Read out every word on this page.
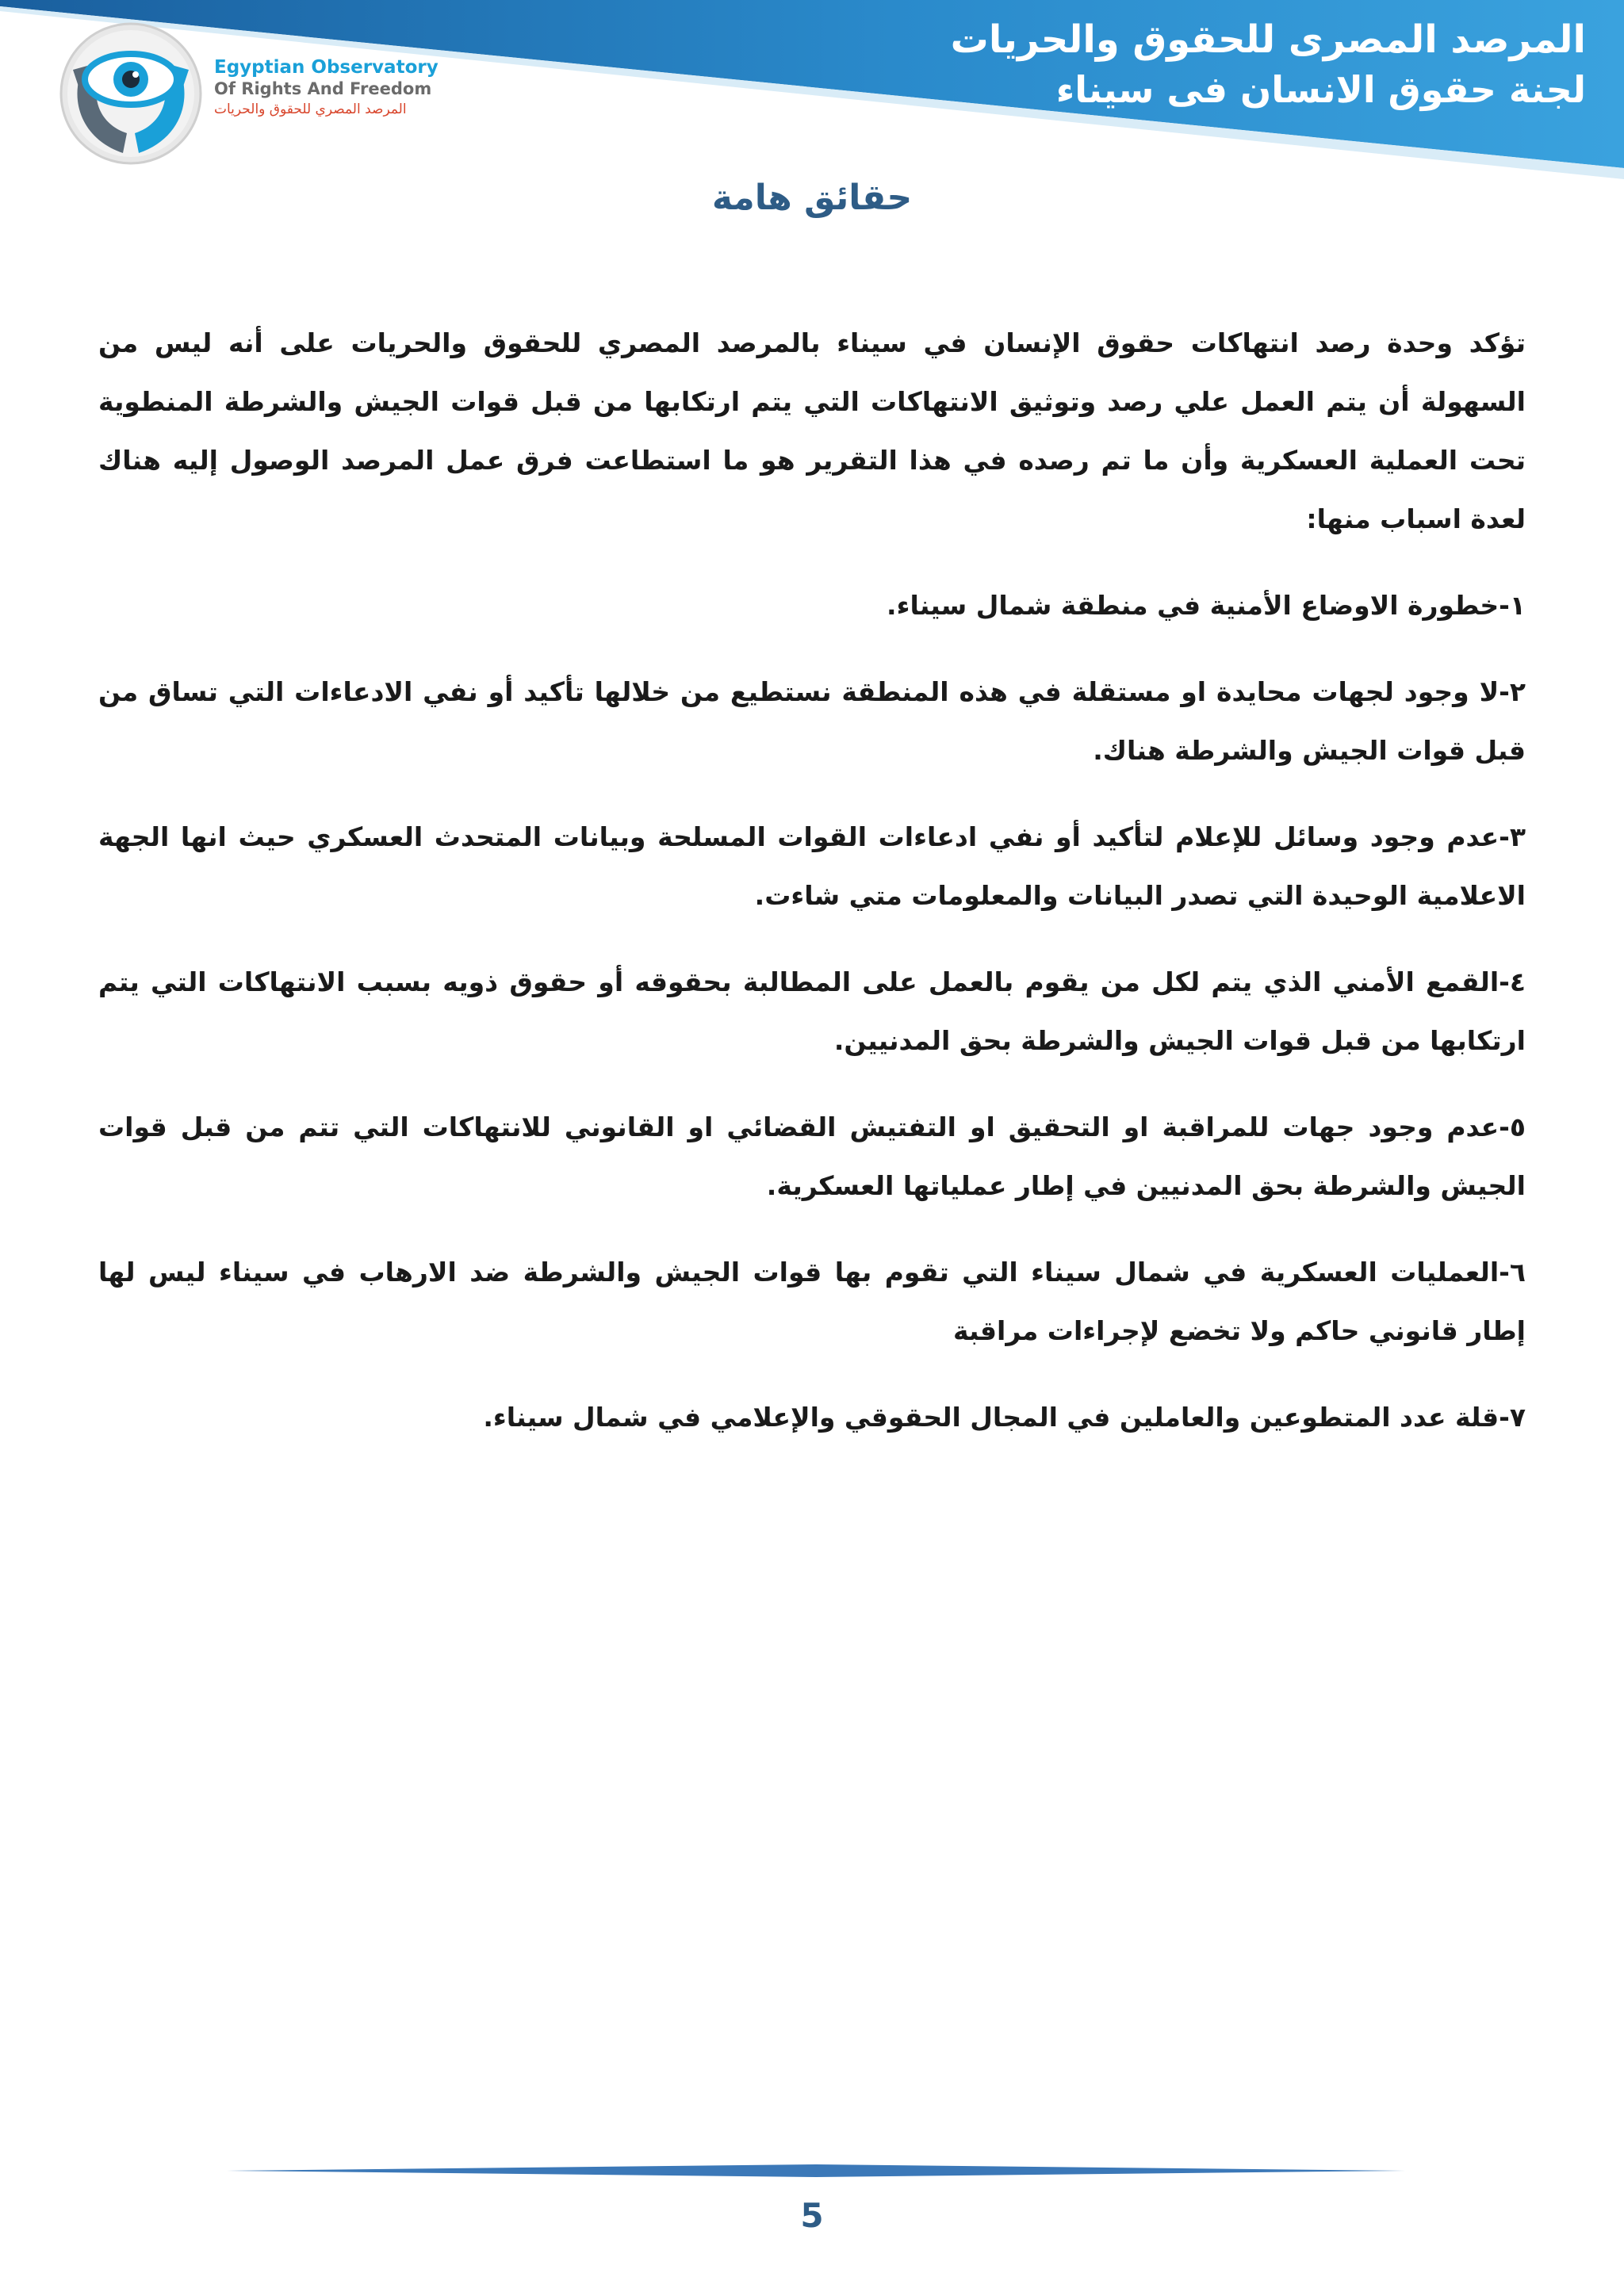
المرصد المصرى للحقوق والحريات
لجنة حقوق الانسان فى سيناء
Egyptian Observatory
Of Rights And Freedom
المرصد المصري للحقوق والحريات
حقائق هامة

تؤكد وحدة رصد انتهاكات حقوق الإنسان في سيناء بالمرصد المصري للحقوق والحريات على أنه ليس من السهولة أن يتم العمل علي رصد وتوثيق الانتهاكات التي يتم ارتكابها من قبل قوات الجيش والشرطة المنطوية تحت العملية العسكرية وأن ما تم رصده في هذا التقرير هو ما استطاعت فرق عمل المرصد الوصول إليه هناك لعدة اسباب منها:

١-خطورة الاوضاع الأمنية في منطقة شمال سيناء.

٢-لا وجود لجهات محايدة او مستقلة في هذه المنطقة نستطيع من خلالها تأكيد أو نفي الادعاءات التي تساق من قبل قوات الجيش والشرطة هناك.

٣-عدم وجود وسائل للإعلام لتأكيد أو نفي ادعاءات القوات المسلحة وبيانات المتحدث العسكري حيث انها الجهة الاعلامية الوحيدة التي تصدر البيانات والمعلومات متي شاءت.

٤-القمع الأمني الذي يتم لكل من يقوم بالعمل على المطالبة بحقوقه أو حقوق ذويه بسبب الانتهاكات التي يتم ارتكابها من قبل قوات الجيش والشرطة بحق المدنيين.

٥-عدم وجود جهات للمراقبة او التحقيق او التفتيش القضائي او القانوني للانتهاكات التي تتم من قبل قوات الجيش والشرطة بحق المدنيين في إطار عملياتها العسكرية.

٦-العمليات العسكرية في شمال سيناء التي تقوم بها قوات الجيش والشرطة ضد الارهاب في سيناء ليس لها إطار قانوني حاكم ولا تخضع لإجراءات مراقبة

٧-قلة عدد المتطوعين والعاملين في المجال الحقوقي والإعلامي في شمال سيناء.

5
